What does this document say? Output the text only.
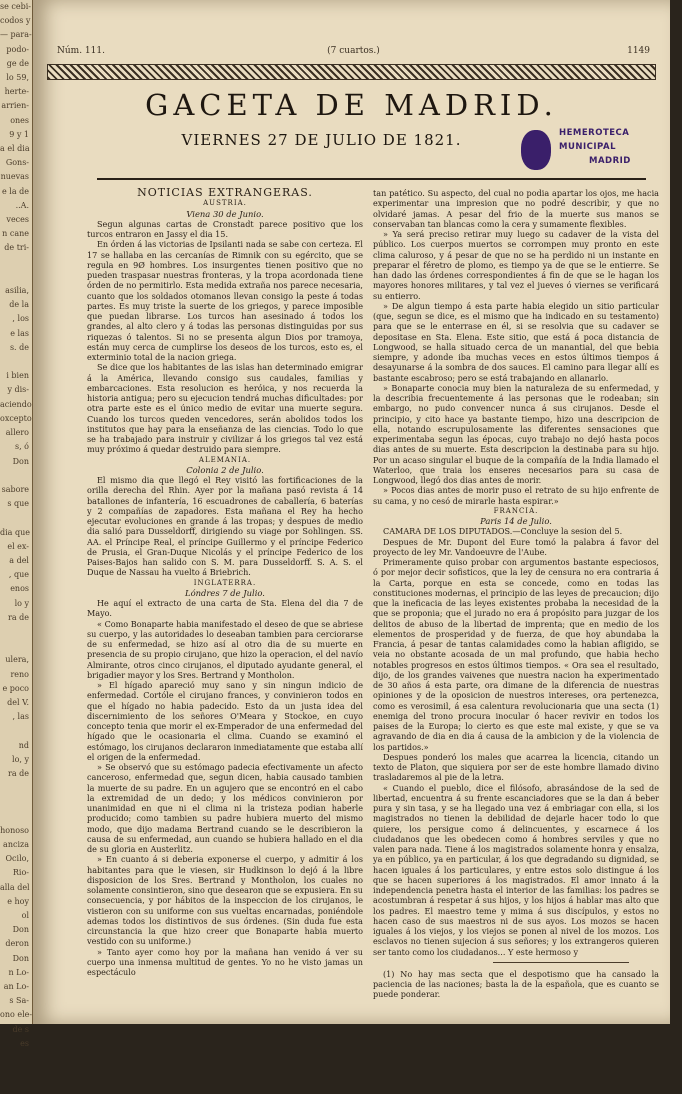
se cebi-
codos y
— para-
podo-
ge de
lo 59,
herte-
arrien-
ones
9 y 1
a el dia
Gons-
nuevas
e la de
..A.
veces
n cane
de tri-

asilia,
de la
, los
e las
s. de

i bien
y dis-
aciendo
oxcepto
allero
s, ó
Don

sabore
s que

dia que
el ex-
a del
, que
enos
lo y
ra de

ulera,
reno
e poco
del V.
, las

nd
lo, y
ra de

honoso
anciza
Ocilo,
Rio-
alla del
e hoy
ol
Don
deron
Don
n Lo-
an Lo-
s Sa-
ono ele-
de s
es

Núm. 111.	(7 cuartos.)	1149
GACETA DE MADRID.
VIERNES 27 DE JULIO DE 1821.	HEMEROTECA
MUNICIPAL
MADRID

NOTICIAS EXTRANGERAS.

AUSTRIA.

Viena 30 de Junio.

Segun algunas cartas de Cronstadt parece positivo que los turcos entraron en Jassy el dia 15.

En órden á las victorias de Ipsilanti nada se sabe con certeza. El 17 se hallaba en las cercanías de Rimnik con su egército, que se regula en 9Ø hombres. Los insurgentes tienen positivo que no pueden traspasar nuestras fronteras, y la tropa acordonada tiene órden de no permitirlo. Esta medida extraña nos parece necesaria, cuanto que los soldados otomanos llevan consigo la peste á todas partes. Es muy triste la suerte de los griegos, y parece imposible que puedan librarse. Los turcos han asesinado á todos los grandes, al alto clero y á todas las personas distinguidas por sus riquezas ó talentos. Si no se presenta algun Dios por tramoya, están muy cerca de cumplirse los deseos de los turcos, esto es, el exterminio total de la nacion griega.

Se dice que los habitantes de las islas han determinado emigrar á la América, llevando consigo sus caudales, familias y embarcaciones. Esta resolucion es heróica, y nos recuerda la historia antigua; pero su ejecucion tendrá muchas dificultades: por otra parte este es el único medio de evitar una muerte segura. Cuando los turcos queden vencedores, serán abolidos todos los institutos que hay para la enseñanza de las ciencias. Todo lo que se ha trabajado para instruir y civilizar á los griegos tal vez está muy próximo á quedar destruido para siempre.

ALEMANIA.

Colonia 2 de Julio.

El mismo dia que llegó el Rey visitó las fortificaciones de la orilla derecha del Rhin. Ayer por la mañana pasó revista á 14 batallones de infantería, 16 escuadrones de caballería, 6 baterías y 2 compañías de zapadores. Esta mañana el Rey ha hecho ejecutar evoluciones en grande á las tropas; y despues de medio dia salió para Dusseldorff, dirigiendo su viage por Sohlingen. SS. AA. el Príncipe Real, el príncipe Guillermo y el príncipe Federico de Prusia, el Gran-Duque Nicolás y el príncipe Federico de los Paises-Bajos han salido con S. M. para Dusseldorff. S. A. S. el Duque de Nassau ha vuelto á Briebrich.

INGLATERRA.

Lóndres 7 de Julio.

He aquí el extracto de una carta de Sta. Elena del dia 7 de Mayo.

« Como Bonaparte habia manifestado el deseo de que se abriese su cuerpo, y las autoridades lo deseaban tambien para cerciorarse de su enfermedad, se hizo así al otro dia de su muerte en presencia de su propio cirujano, que hizo la operacion, el del navío Almirante, otros cinco cirujanos, el diputado ayudante general, el brigadier mayor y los Sres. Bertrand y Montholon.

» El hígado apareció muy sano y sin ningun indicio de enfermedad. Cortóle el cirujano frances, y convinieron todos en que el hígado no habia padecido. Esto da un justa idea del discernimiento de los señores O'Meara y Stockoe, en cuyo concepto tenia que morir el ex-Emperador de una enfermedad del hígado que le ocasionaria el clima. Cuando se examinó el estómago, los cirujanos declararon inmediatamente que estaba allí el origen de la enfermedad.

» Se observó que su estómago padecia efectivamente un afecto canceroso, enfermedad que, segun dicen, habia causado tambien la muerte de su padre. En un agujero que se encontró en el cabo la extremidad de un dedo; y los médicos convinieron por unanimidad en que ni el clima ni la tristeza podian haberle producido; como tambien su padre hubiera muerto del mismo modo, que dijo madama Bertrand cuando se le describieron la causa de su enfermedad, aun cuando se hubiera hallado en el dia de su gloria en Austerlitz.

» En cuanto á si deberia exponerse el cuerpo, y admitir á los habitantes para que le viesen, sir Hudkinson lo dejó á la libre disposicion de los Sres. Bertrand y Montholon, los cuales no solamente consintieron, sino que desearon que se expusiera. En su consecuencia, y por hábitos de la inspeccion de los cirujanos, le vistieron con su uniforme con sus vueltas encarnadas, poniéndole ademas todos los distintivos de sus órdenes. (Sin duda fue esta circunstancia la que hizo creer que Bonaparte habia muerto vestido con su uniforme.)

» Tanto ayer como hoy por la mañana han venido á ver su cuerpo una inmensa multitud de gentes. Yo no he visto jamas un espectáculo

tan patético. Su aspecto, del cual no podia apartar los ojos, me hacia experimentar una impresion que no podré describir, y que no olvidaré jamas. A pesar del frio de la muerte sus manos se conservaban tan blancas como la cera y sumamente flexibles.

» Ya será preciso retirar muy luego su cadaver de la vista del público. Los cuerpos muertos se corrompen muy pronto en este clima caluroso, y á pesar de que no se ha perdido ni un instante en preparar el féretro de plomo, es tiempo ya de que se le entierre. Se han dado las órdenes correspondientes á fin de que se le hagan los mayores honores militares, y tal vez el jueves ó viernes se verificará su entierro.

» De algun tiempo á esta parte habia elegido un sitio particular (que, segun se dice, es el mismo que ha indicado en su testamento) para que se le enterrase en él, si se resolvia que su cadaver se depositase en Sta. Elena. Este sitio, que está á poca distancia de Longwood, se halla situado cerca de un manantial, del que bebia siempre, y adonde iba muchas veces en estos últimos tiempos á desayunarse á la sombra de dos sauces. El camino para llegar allí es bastante escabroso; pero se está trabajando en allanarlo.

» Bonaparte conocia muy bien la naturaleza de su enfermedad, y la describia frecuentemente á las personas que le rodeaban; sin embargo, no pudo convencer nunca á sus cirujanos. Desde el principio, y cito hace ya bastante tiempo, hizo una descripcion de ella, notando escrupulosamente las diferentes sensaciones que experimentaba segun las épocas, cuyo trabajo no dejó hasta pocos dias antes de su muerte. Esta descripcion la destinaba para su hijo. Por un acaso singular el buque de la compañía de la India llamado el Waterloo, que traia los enseres necesarios para su casa de Longwood, llegó dos dias antes de morir.

» Pocos dias antes de morir puso el retrato de su hijo enfrente de su cama, y no cesó de mirarle hasta espirar.»

FRANCIA.

Paris 14 de Julio.

CAMARA DE LOS DIPUTADOS.—Concluye la sesion del 5.

Despues de Mr. Dupont del Eure tomó la palabra á favor del proyecto de ley Mr. Vandoeuvre de l'Aube.

Primeramente quiso probar con argumentos bastante especiosos, ó por mejor decir sofisticos, que la ley de censura no era contraria á la Carta, porque en esta se concede, como en todas las constituciones modernas, el principio de las leyes de precaucion; dijo que la ineficacia de las leyes existentes probaba la necesidad de la que se proponia; que el jurado no era á propósito para juzgar de los delitos de abuso de la libertad de imprenta; que en medio de los elementos de prosperidad y de fuerza, de que hoy abundaba la Francia, á pesar de tantas calamidades como la habian afligido, se veia no obstante acosada de un mal profundo, que habia hecho notables progresos en estos últimos tiempos. « Ora sea el resultado, dijo, de los grandes vaivenes que nuestra nacion ha experimentado de 30 años á esta parte, ora dimane de la diferencia de nuestras opiniones y de la oposicion de nuestros intereses, ora pertenezca, como es verosimil, á esa calentura revolucionaria que una secta (1) enemiga del trono procura inocular ó hacer revivir en todos los paises de la Europa; lo cierto es que este mal existe, y que se va agravando de dia en dia á causa de la ambicion y de la violencia de los partidos.»

Despues ponderó los males que acarrea la licencia, citando un texto de Platon, que siquiera por ser de este hombre llamado divino trasladaremos al pie de la letra.

« Cuando el pueblo, dice el filósofo, abrasándose de la sed de libertad, encuentra á su frente escanciadores que se la dan á beber pura y sin tasa, y se ha llegado una vez á embriagar con ella, si los magistrados no tienen la debilidad de dejarle hacer todo lo que quiere, los persigue como á delincuentes, y escarnece á los ciudadanos que les obedecen como á hombres serviles y que no valen para nada. Tiene á los magistrados solamente honra y ensalza, ya en público, ya en particular, á los que degradando su dignidad, se hacen iguales á los particulares, y entre estos solo distingue á los que se hacen superiores á los magistrados. El amor innato á la independencia penetra hasta el interior de las familias: los padres se acostumbran á respetar á sus hijos, y los hijos á hablar mas alto que los padres. El maestro teme y mima á sus discípulos, y estos no hacen caso de sus maestros ni de sus ayos. Los mozos se hacen iguales á los viejos, y los viejos se ponen al nivel de los mozos. Los esclavos no tienen sujecion á sus señores; y los extrangeros quieren ser tanto como los ciudadanos... Y este hermoso y

(1) No hay mas secta que el despotismo que ha cansado la paciencia de las naciones; basta la de la española, que es cuanto se puede ponderar.
